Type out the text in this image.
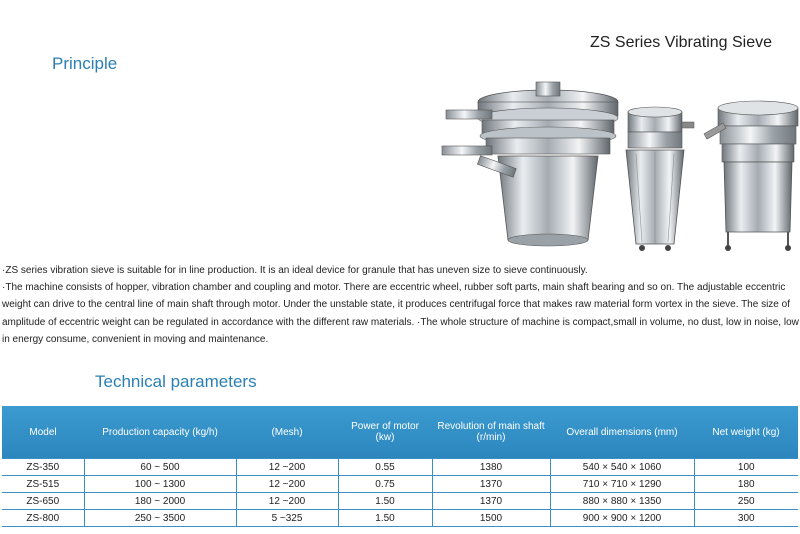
Principle
ZS Series Vibrating Sieve

·ZS series vibration sieve is suitable for in line production. It is an ideal device for granule that has uneven size to sieve continuously.

·The machine consists of hopper, vibration chamber and coupling and motor. There are eccentric wheel, rubber soft parts, main shaft bearing and so on. The adjustable eccentric weight can drive to the central line of main shaft through motor. Under the unstable state, it produces centrifugal force that makes raw material form vortex in the sieve. The size of amplitude of eccentric weight can be regulated in accordance with the different raw materials. ·The whole structure of machine is compact,small in volume, no dust, low in noise, low in energy consume, convenient in moving and maintenance.

Technical parameters
Model	Production capacity (kg/h)	(Mesh)	Power of motor (kw)	Revolution of main shaft (r/min)	Overall dimensions (mm)	Net weight (kg)
ZS-350	60 ~ 500	12 ~200	0.55	1380	540 × 540 × 1060	100
ZS-515	100 ~ 1300	12 ~200	0.75	1370	710 × 710 × 1290	180
ZS-650	180 ~ 2000	12 ~200	1.50	1370	880 × 880 × 1350	250
ZS-800	250 ~ 3500	5 ~325	1.50	1500	900 × 900 × 1200	300
